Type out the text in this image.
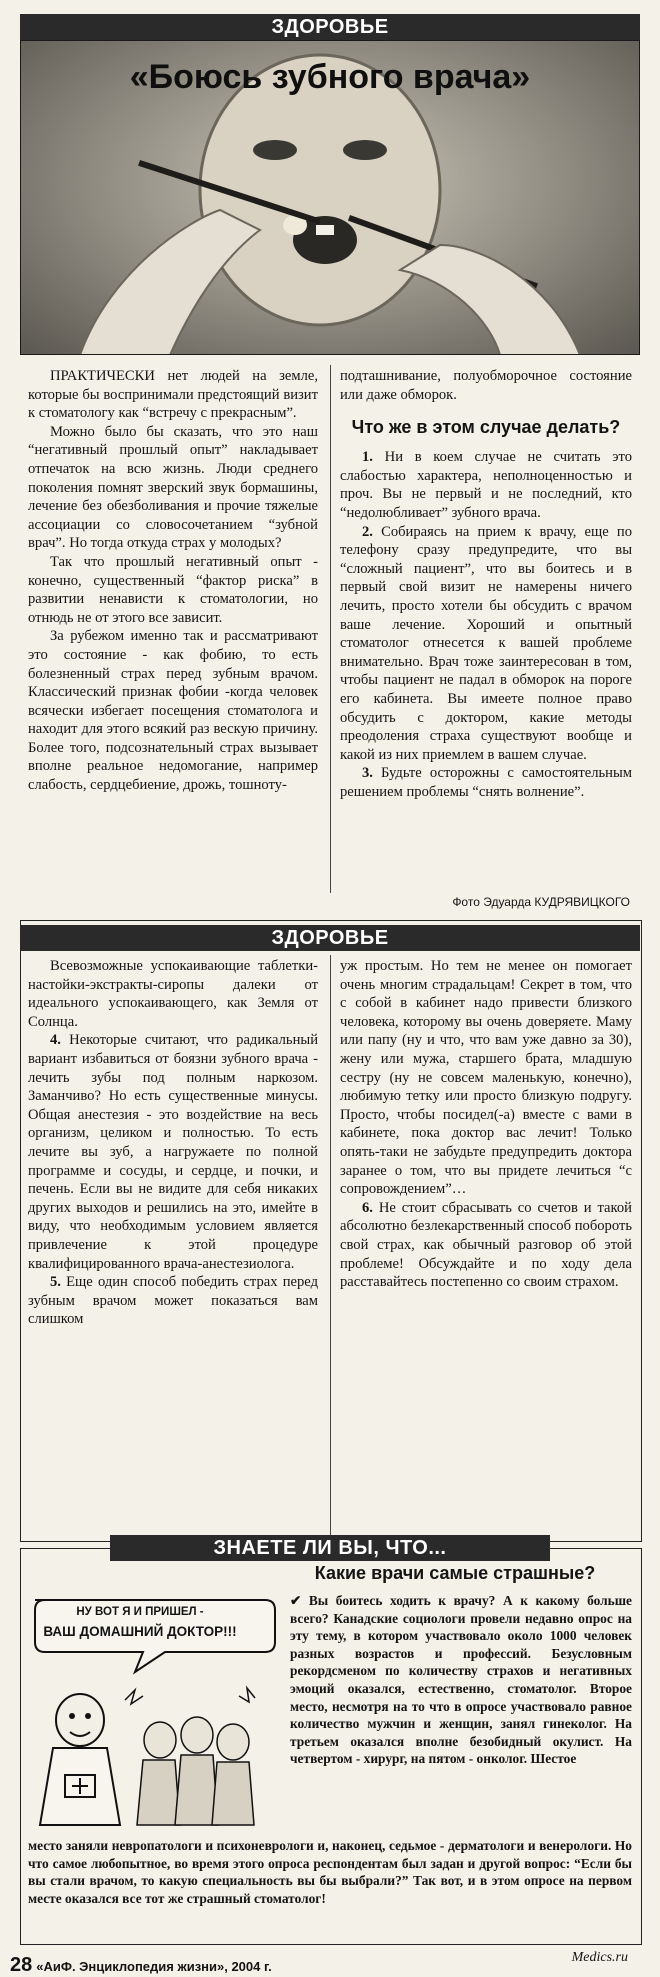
ЗДОРОВЬЕ
«Боюсь зубного врача»

ПРАКТИЧЕСКИ нет людей на земле, которые бы воспринимали предстоящий визит к стоматологу как “встречу с прекрасным”.

Можно было бы сказать, что это наш “негативный прошлый опыт” накладывает отпечаток на всю жизнь. Люди среднего поколения помнят зверский звук бормашины, лечение без обезболивания и прочие тяжелые ассоциации со словосочетанием “зубной врач”. Но тогда откуда страх у молодых?

Так что прошлый негативный опыт - конечно, существенный “фактор риска” в развитии ненависти к стоматологии, но отнюдь не от этого все зависит.

За рубежом именно так и рассматривают это состояние - как фобию, то есть болезненный страх перед зубным врачом. Классический признак фобии -когда человек всячески избегает посещения стоматолога и находит для этого всякий раз вескую причину. Более того, подсознательный страх вызывает вполне реальное недомогание, например слабость, сердцебиение, дрожь, тошноту-

подташнивание, полуобморочное состояние или даже обморок.

Что же в этом случае делать?

1. Ни в коем случае не считать это слабостью характера, неполноценностью и проч. Вы не первый и не последний, кто “недолюбливает” зубного врача.

2. Собираясь на прием к врачу, еще по телефону сразу предупредите, что вы “сложный пациент”, что вы боитесь и в первый свой визит не намерены ничего лечить, просто хотели бы обсудить с врачом ваше лечение. Хороший и опытный стоматолог отнесется к вашей проблеме внимательно. Врач тоже заинтересован в том, чтобы пациент не падал в обморок на пороге его кабинета. Вы имеете полное право обсудить с доктором, какие методы преодоления страха существуют вообще и какой из них приемлем в вашем случае.

3. Будьте осторожны с самостоятельным решением проблемы “снять волнение”.

Фото Эдуарда КУДРЯВИЦКОГО
ЗДОРОВЬЕ

Всевозможные успокаивающие таблетки-настойки-экстракты-сиропы далеки от идеального успокаивающего, как Земля от Солнца.

4. Некоторые считают, что радикальный вариант избавиться от боязни зубного врача - лечить зубы под полным наркозом. Заманчиво? Но есть существенные минусы. Общая анестезия - это воздействие на весь организм, целиком и полностью. То есть лечите вы зуб, а нагружаете по полной программе и сосуды, и сердце, и почки, и печень. Если вы не видите для себя никаких других выходов и решились на это, имейте в виду, что необходимым условием является привлечение к этой процедуре квалифицированного врача-анестезиолога.

5. Еще один способ победить страх перед зубным врачом может показаться вам слишком

уж простым. Но тем не менее он помогает очень многим страдальцам! Секрет в том, что с собой в кабинет надо привести близкого человека, которому вы очень доверяете. Маму или папу (ну и что, что вам уже давно за 30), жену или мужа, старшего брата, младшую сестру (ну не совсем маленькую, конечно), любимую тетку или просто близкую подругу. Просто, чтобы посидел(-а) вместе с вами в кабинете, пока доктор вас лечит! Только опять-таки не забудьте предупредить доктора заранее о том, что вы придете лечиться “с сопровождением”…

6. Не стоит сбрасывать со счетов и такой абсолютно безлекарственный способ побороть свой страх, как обычный разговор об этой проблеме! Обсуждайте и по ходу дела расставайтесь постепенно со своим страхом.

ЗНАЕТЕ ЛИ ВЫ, ЧТО...
Какие врачи самые страшные?
НУ ВОТ Я И ПРИШЕЛ -
ВАШ ДОМАШНИЙ ДОКТОР!!!
✔ Вы боитесь ходить к врачу? А к какому больше всего? Канадские социологи провели недавно опрос на эту тему, в котором участвовало около 1000 человек разных возрастов и профессий. Безусловным рекордсменом по количеству страхов и негативных эмоций оказался, естественно, стоматолог. Второе место, несмотря на то что в опросе участвовало равное количество мужчин и женщин, занял гинеколог. На третьем оказался вполне безобидный окулист. На четвертом - хирург, на пятом - онколог. Шестое
место заняли невропатологи и психоневрологи и, наконец, седьмое - дерматологи и венерологи. Но что самое любопытное, во время этого опроса респондентам был задан и другой вопрос: “Если бы вы стали врачом, то какую специальность вы бы выбрали?” Так вот, и в этом опросе на первом месте оказался все тот же страшный стоматолог!
Medics.ru
28 «АиФ. Энциклопедия жизни», 2004 г.
